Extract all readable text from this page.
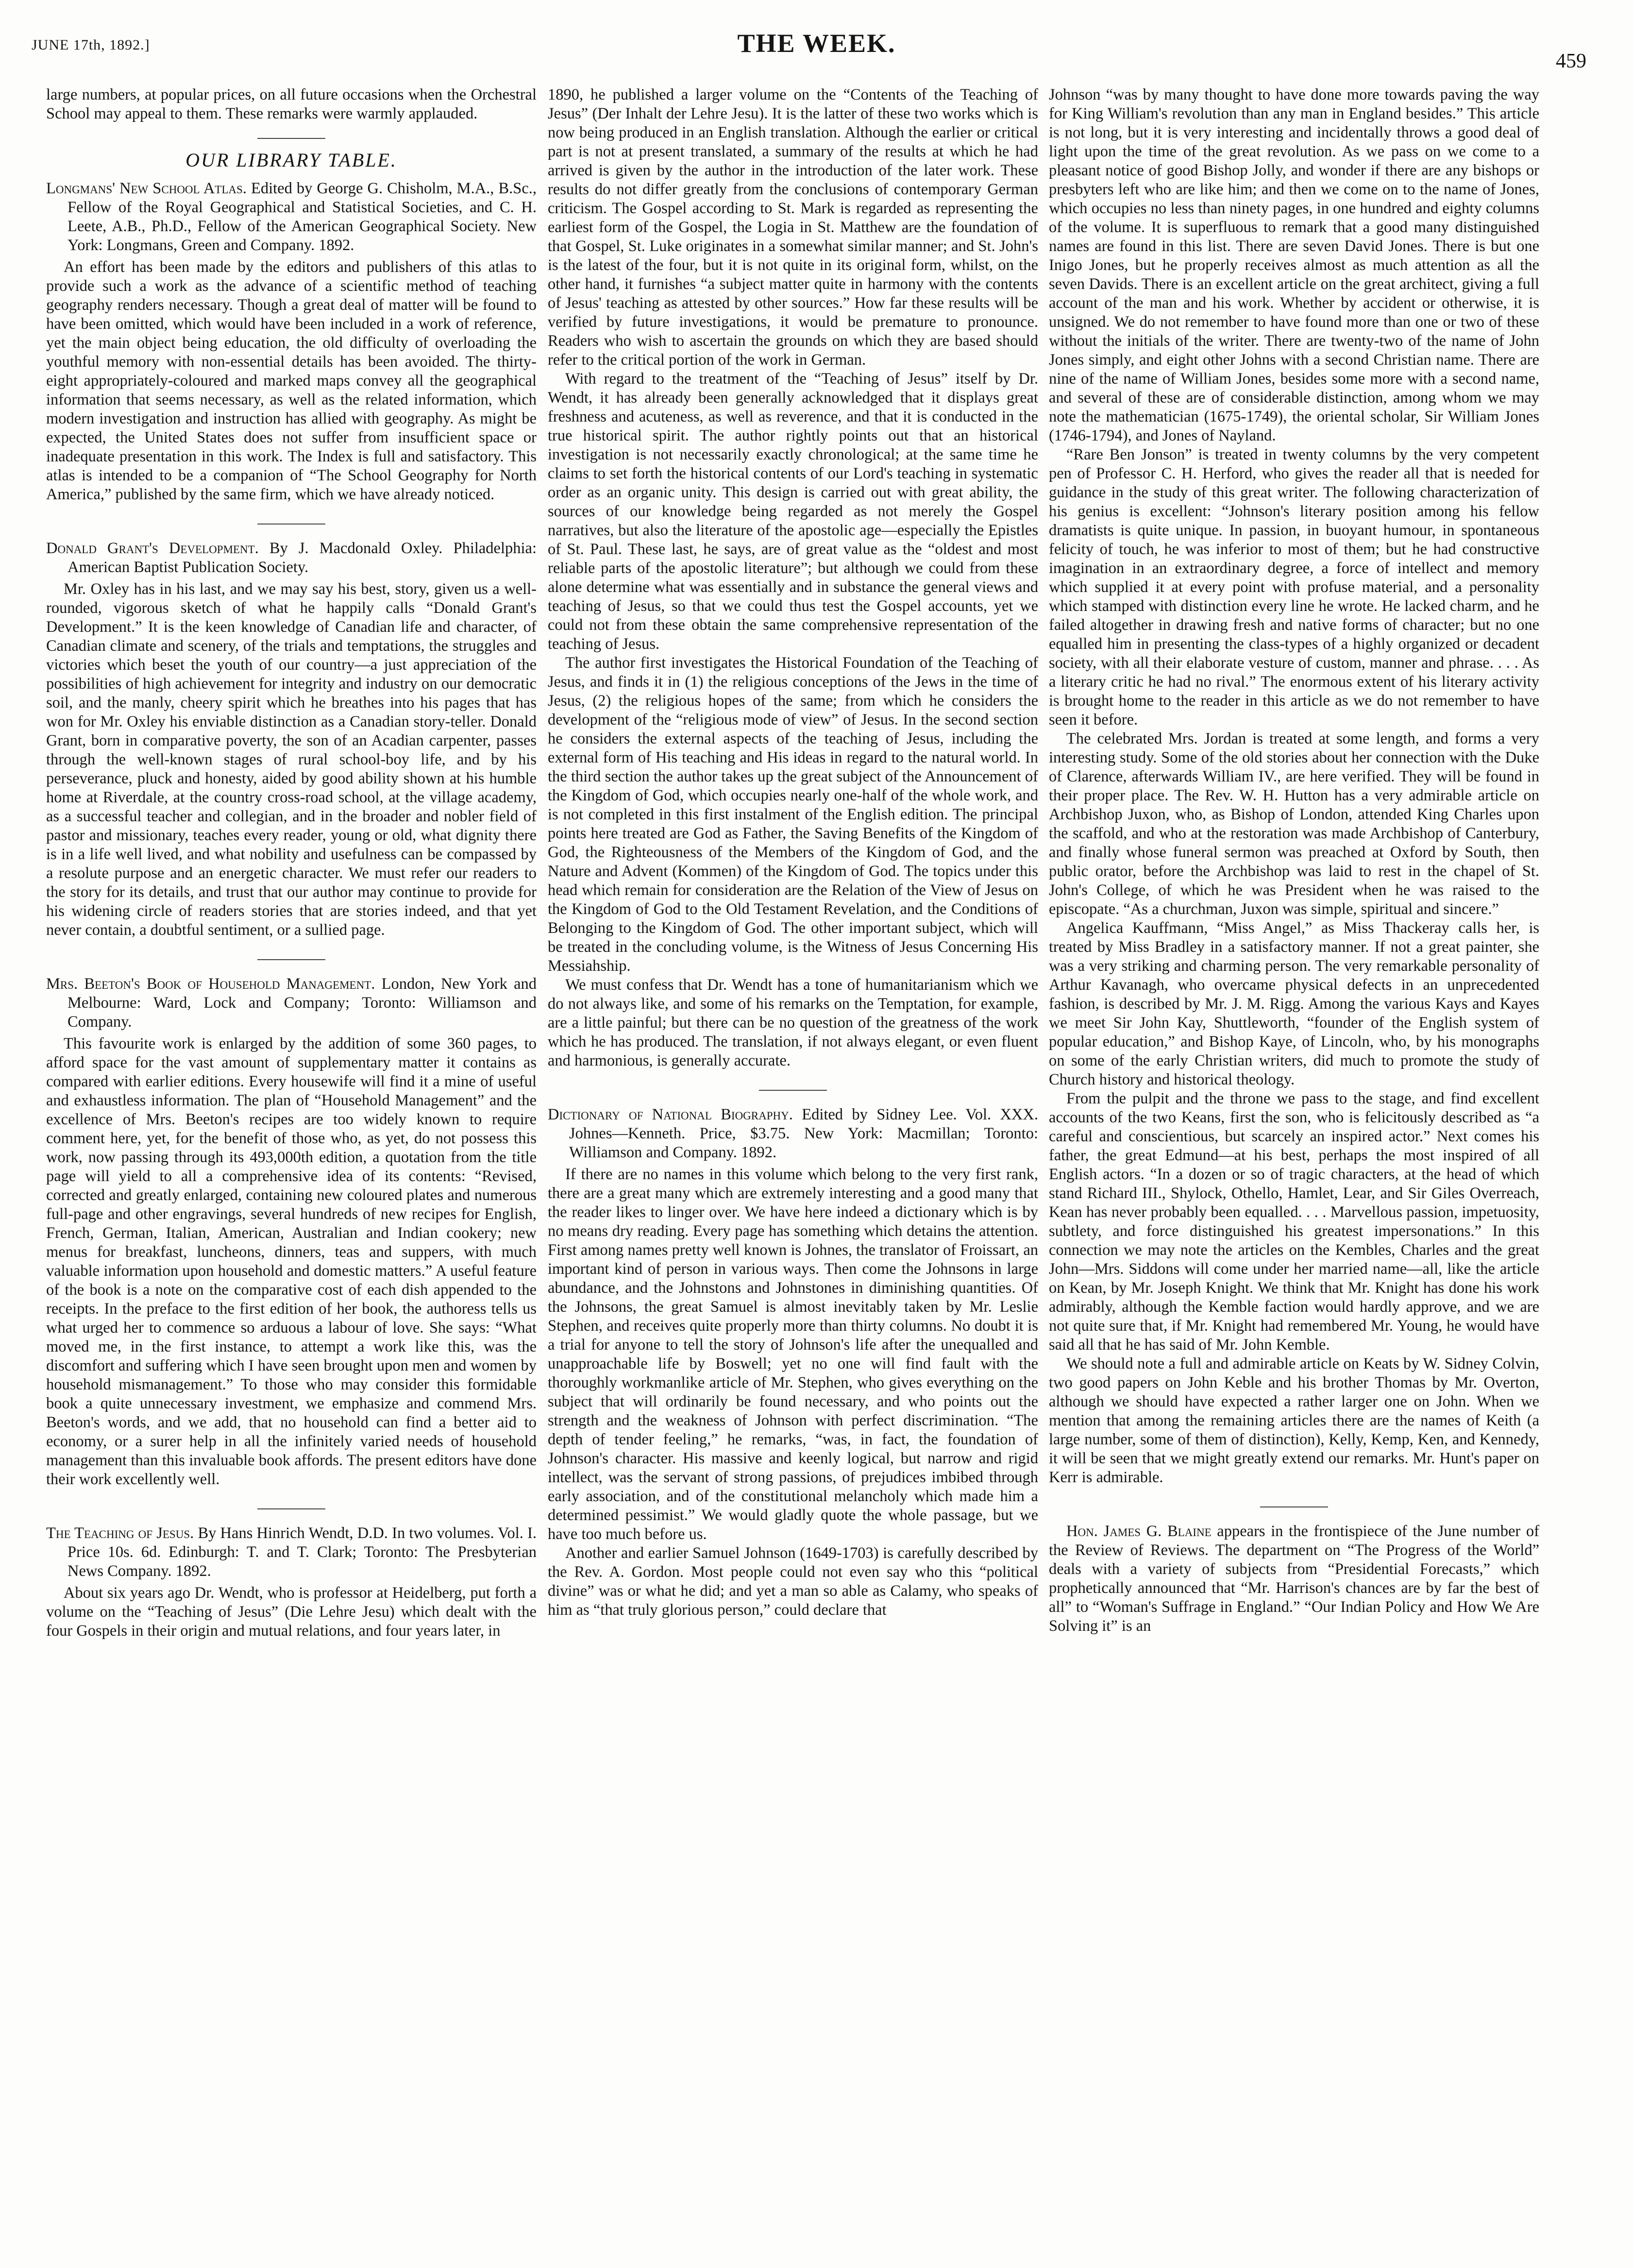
JUNE 17th, 1892.]	THE WEEK.
459

large numbers, at popular prices, on all future occasions when the Orchestral School may appeal to them. These remarks were warmly applauded.

OUR LIBRARY TABLE.
Longmans' New School Atlas. Edited by George G. Chisholm, M.A., B.Sc., Fellow of the Royal Geographical and Statistical Societies, and C. H. Leete, A.B., Ph.D., Fellow of the American Geographical Society. New York: Longmans, Green and Company. 1892.

An effort has been made by the editors and publishers of this atlas to provide such a work as the advance of a scientific method of teaching geography renders necessary. Though a great deal of matter will be found to have been omitted, which would have been included in a work of reference, yet the main object being education, the old difficulty of overloading the youthful memory with non-essential details has been avoided. The thirty-eight appropriately-coloured and marked maps convey all the geographical information that seems necessary, as well as the related information, which modern investigation and instruction has allied with geography. As might be expected, the United States does not suffer from insufficient space or inadequate presentation in this work. The Index is full and satisfactory. This atlas is intended to be a companion of “The School Geography for North America,” published by the same firm, which we have already noticed.

Donald Grant's Development. By J. Macdonald Oxley. Philadelphia: American Baptist Publication Society.

Mr. Oxley has in his last, and we may say his best, story, given us a well-rounded, vigorous sketch of what he happily calls “Donald Grant's Development.” It is the keen knowledge of Canadian life and character, of Canadian climate and scenery, of the trials and temptations, the struggles and victories which beset the youth of our country—a just appreciation of the possibilities of high achievement for integrity and industry on our democratic soil, and the manly, cheery spirit which he breathes into his pages that has won for Mr. Oxley his enviable distinction as a Canadian story-teller. Donald Grant, born in comparative poverty, the son of an Acadian carpenter, passes through the well-known stages of rural school-boy life, and by his perseverance, pluck and honesty, aided by good ability shown at his humble home at Riverdale, at the country cross-road school, at the village academy, as a successful teacher and collegian, and in the broader and nobler field of pastor and missionary, teaches every reader, young or old, what dignity there is in a life well lived, and what nobility and usefulness can be compassed by a resolute purpose and an energetic character. We must refer our readers to the story for its details, and trust that our author may continue to provide for his widening circle of readers stories that are stories indeed, and that yet never contain, a doubtful sentiment, or a sullied page.

Mrs. Beeton's Book of Household Management. London, New York and Melbourne: Ward, Lock and Company; Toronto: Williamson and Company.

This favourite work is enlarged by the addition of some 360 pages, to afford space for the vast amount of supplementary matter it contains as compared with earlier editions. Every housewife will find it a mine of useful and exhaustless information. The plan of “Household Management” and the excellence of Mrs. Beeton's recipes are too widely known to require comment here, yet, for the benefit of those who, as yet, do not possess this work, now passing through its 493,000th edition, a quotation from the title page will yield to all a comprehensive idea of its contents: “Revised, corrected and greatly enlarged, containing new coloured plates and numerous full-page and other engravings, several hundreds of new recipes for English, French, German, Italian, American, Australian and Indian cookery; new menus for breakfast, luncheons, dinners, teas and suppers, with much valuable information upon household and domestic matters.” A useful feature of the book is a note on the comparative cost of each dish appended to the receipts. In the preface to the first edition of her book, the authoress tells us what urged her to commence so arduous a labour of love. She says: “What moved me, in the first instance, to attempt a work like this, was the discomfort and suffering which I have seen brought upon men and women by household mismanagement.” To those who may consider this formidable book a quite unnecessary investment, we emphasize and commend Mrs. Beeton's words, and we add, that no household can find a better aid to economy, or a surer help in all the infinitely varied needs of household management than this invaluable book affords. The present editors have done their work excellently well.

The Teaching of Jesus. By Hans Hinrich Wendt, D.D. In two volumes. Vol. I. Price 10s. 6d. Edinburgh: T. and T. Clark; Toronto: The Presbyterian News Company. 1892.

About six years ago Dr. Wendt, who is professor at Heidelberg, put forth a volume on the “Teaching of Jesus” (Die Lehre Jesu) which dealt with the four Gospels in their origin and mutual relations, and four years later, in

1890, he published a larger volume on the “Contents of the Teaching of Jesus” (Der Inhalt der Lehre Jesu). It is the latter of these two works which is now being produced in an English translation. Although the earlier or critical part is not at present translated, a summary of the results at which he had arrived is given by the author in the introduction of the later work. These results do not differ greatly from the conclusions of contemporary German criticism. The Gospel according to St. Mark is regarded as representing the earliest form of the Gospel, the Logia in St. Matthew are the foundation of that Gospel, St. Luke originates in a somewhat similar manner; and St. John's is the latest of the four, but it is not quite in its original form, whilst, on the other hand, it furnishes “a subject matter quite in harmony with the contents of Jesus' teaching as attested by other sources.” How far these results will be verified by future investigations, it would be premature to pronounce. Readers who wish to ascertain the grounds on which they are based should refer to the critical portion of the work in German.

With regard to the treatment of the “Teaching of Jesus” itself by Dr. Wendt, it has already been generally acknowledged that it displays great freshness and acuteness, as well as reverence, and that it is conducted in the true historical spirit. The author rightly points out that an historical investigation is not necessarily exactly chronological; at the same time he claims to set forth the historical contents of our Lord's teaching in systematic order as an organic unity. This design is carried out with great ability, the sources of our knowledge being regarded as not merely the Gospel narratives, but also the literature of the apostolic age—especially the Epistles of St. Paul. These last, he says, are of great value as the “oldest and most reliable parts of the apostolic literature”; but although we could from these alone determine what was essentially and in substance the general views and teaching of Jesus, so that we could thus test the Gospel accounts, yet we could not from these obtain the same comprehensive representation of the teaching of Jesus.

The author first investigates the Historical Foundation of the Teaching of Jesus, and finds it in (1) the religious conceptions of the Jews in the time of Jesus, (2) the religious hopes of the same; from which he considers the development of the “religious mode of view” of Jesus. In the second section he considers the external aspects of the teaching of Jesus, including the external form of His teaching and His ideas in regard to the natural world. In the third section the author takes up the great subject of the Announcement of the Kingdom of God, which occupies nearly one-half of the whole work, and is not completed in this first instalment of the English edition. The principal points here treated are God as Father, the Saving Benefits of the Kingdom of God, the Righteousness of the Members of the Kingdom of God, and the Nature and Advent (Kommen) of the Kingdom of God. The topics under this head which remain for consideration are the Relation of the View of Jesus on the Kingdom of God to the Old Testament Revelation, and the Conditions of Belonging to the Kingdom of God. The other important subject, which will be treated in the concluding volume, is the Witness of Jesus Concerning His Messiahship.

We must confess that Dr. Wendt has a tone of humanitarianism which we do not always like, and some of his remarks on the Temptation, for example, are a little painful; but there can be no question of the greatness of the work which he has produced. The translation, if not always elegant, or even fluent and harmonious, is generally accurate.

Dictionary of National Biography. Edited by Sidney Lee. Vol. XXX. Johnes—Kenneth. Price, $3.75. New York: Macmillan; Toronto: Williamson and Company. 1892.

If there are no names in this volume which belong to the very first rank, there are a great many which are extremely interesting and a good many that the reader likes to linger over. We have here indeed a dictionary which is by no means dry reading. Every page has something which detains the attention. First among names pretty well known is Johnes, the translator of Froissart, an important kind of person in various ways. Then come the Johnsons in large abundance, and the Johnstons and Johnstones in diminishing quantities. Of the Johnsons, the great Samuel is almost inevitably taken by Mr. Leslie Stephen, and receives quite properly more than thirty columns. No doubt it is a trial for anyone to tell the story of Johnson's life after the unequalled and unapproachable life by Boswell; yet no one will find fault with the thoroughly workmanlike article of Mr. Stephen, who gives everything on the subject that will ordinarily be found necessary, and who points out the strength and the weakness of Johnson with perfect discrimination. “The depth of tender feeling,” he remarks, “was, in fact, the foundation of Johnson's character. His massive and keenly logical, but narrow and rigid intellect, was the servant of strong passions, of prejudices imbibed through early association, and of the constitutional melancholy which made him a determined pessimist.” We would gladly quote the whole passage, but we have too much before us.

Another and earlier Samuel Johnson (1649-1703) is carefully described by the Rev. A. Gordon. Most people could not even say who this “political divine” was or what he did; and yet a man so able as Calamy, who speaks of him as “that truly glorious person,” could declare that

Johnson “was by many thought to have done more towards paving the way for King William's revolution than any man in England besides.” This article is not long, but it is very interesting and incidentally throws a good deal of light upon the time of the great revolution. As we pass on we come to a pleasant notice of good Bishop Jolly, and wonder if there are any bishops or presbyters left who are like him; and then we come on to the name of Jones, which occupies no less than ninety pages, in one hundred and eighty columns of the volume. It is superfluous to remark that a good many distinguished names are found in this list. There are seven David Jones. There is but one Inigo Jones, but he properly receives almost as much attention as all the seven Davids. There is an excellent article on the great architect, giving a full account of the man and his work. Whether by accident or otherwise, it is unsigned. We do not remember to have found more than one or two of these without the initials of the writer. There are twenty-two of the name of John Jones simply, and eight other Johns with a second Christian name. There are nine of the name of William Jones, besides some more with a second name, and several of these are of considerable distinction, among whom we may note the mathematician (1675-1749), the oriental scholar, Sir William Jones (1746-1794), and Jones of Nayland.

“Rare Ben Jonson” is treated in twenty columns by the very competent pen of Professor C. H. Herford, who gives the reader all that is needed for guidance in the study of this great writer. The following characterization of his genius is excellent: “Johnson's literary position among his fellow dramatists is quite unique. In passion, in buoyant humour, in spontaneous felicity of touch, he was inferior to most of them; but he had constructive imagination in an extraordinary degree, a force of intellect and memory which supplied it at every point with profuse material, and a personality which stamped with distinction every line he wrote. He lacked charm, and he failed altogether in drawing fresh and native forms of character; but no one equalled him in presenting the class-types of a highly organized or decadent society, with all their elaborate vesture of custom, manner and phrase. . . . As a literary critic he had no rival.” The enormous extent of his literary activity is brought home to the reader in this article as we do not remember to have seen it before.

The celebrated Mrs. Jordan is treated at some length, and forms a very interesting study. Some of the old stories about her connection with the Duke of Clarence, afterwards William IV., are here verified. They will be found in their proper place. The Rev. W. H. Hutton has a very admirable article on Archbishop Juxon, who, as Bishop of London, attended King Charles upon the scaffold, and who at the restoration was made Archbishop of Canterbury, and finally whose funeral sermon was preached at Oxford by South, then public orator, before the Archbishop was laid to rest in the chapel of St. John's College, of which he was President when he was raised to the episcopate. “As a churchman, Juxon was simple, spiritual and sincere.”

Angelica Kauffmann, “Miss Angel,” as Miss Thackeray calls her, is treated by Miss Bradley in a satisfactory manner. If not a great painter, she was a very striking and charming person. The very remarkable personality of Arthur Kavanagh, who overcame physical defects in an unprecedented fashion, is described by Mr. J. M. Rigg. Among the various Kays and Kayes we meet Sir John Kay, Shuttleworth, “founder of the English system of popular education,” and Bishop Kaye, of Lincoln, who, by his monographs on some of the early Christian writers, did much to promote the study of Church history and historical theology.

From the pulpit and the throne we pass to the stage, and find excellent accounts of the two Keans, first the son, who is felicitously described as “a careful and conscientious, but scarcely an inspired actor.” Next comes his father, the great Edmund—at his best, perhaps the most inspired of all English actors. “In a dozen or so of tragic characters, at the head of which stand Richard III., Shylock, Othello, Hamlet, Lear, and Sir Giles Overreach, Kean has never probably been equalled. . . . Marvellous passion, impetuosity, subtlety, and force distinguished his greatest impersonations.” In this connection we may note the articles on the Kembles, Charles and the great John—Mrs. Siddons will come under her married name—all, like the article on Kean, by Mr. Joseph Knight. We think that Mr. Knight has done his work admirably, although the Kemble faction would hardly approve, and we are not quite sure that, if Mr. Knight had remembered Mr. Young, he would have said all that he has said of Mr. John Kemble.

We should note a full and admirable article on Keats by W. Sidney Colvin, two good papers on John Keble and his brother Thomas by Mr. Overton, although we should have expected a rather larger one on John. When we mention that among the remaining articles there are the names of Keith (a large number, some of them of distinction), Kelly, Kemp, Ken, and Kennedy, it will be seen that we might greatly extend our remarks. Mr. Hunt's paper on Kerr is admirable.

Hon. James G. Blaine appears in the frontispiece of the June number of the Review of Reviews. The department on “The Progress of the World” deals with a variety of subjects from “Presidential Forecasts,” which prophetically announced that “Mr. Harrison's chances are by far the best of all” to “Woman's Suffrage in England.” “Our Indian Policy and How We Are Solving it” is an
